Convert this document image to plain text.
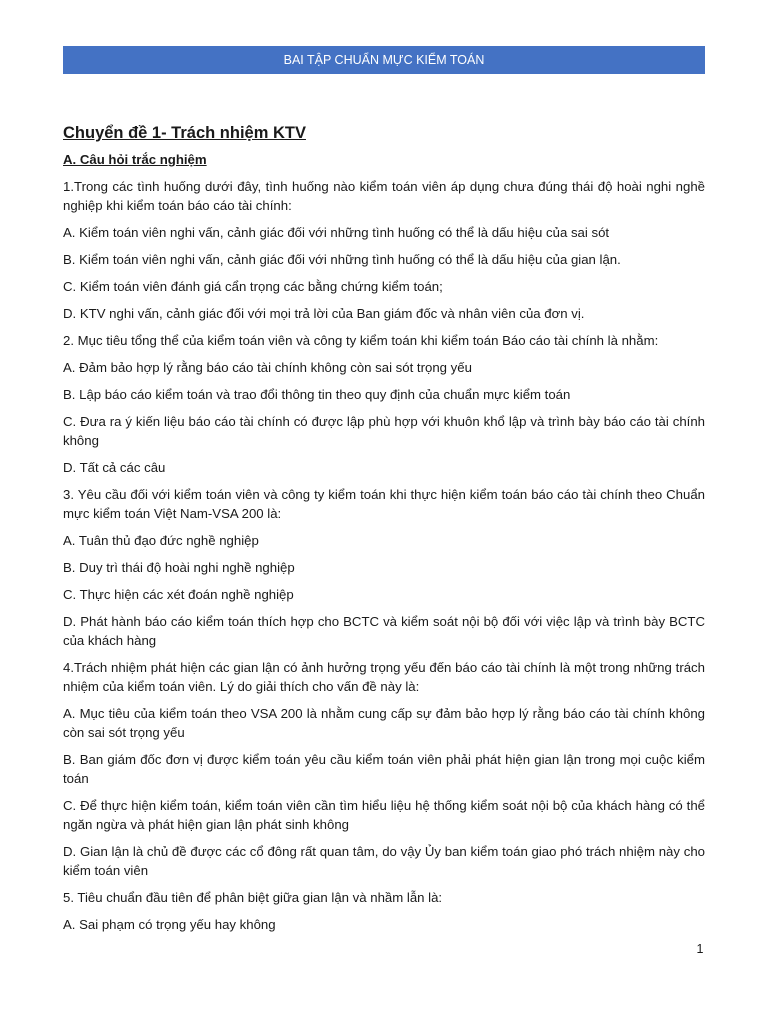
BAI TẬP CHUẨN MỰC KIỂM TOÁN
Chuyển đề 1- Trách nhiệm KTV
A. Câu hỏi trắc nghiệm

1.Trong các tình huống dưới đây, tình huống nào kiểm toán viên áp dụng chưa đúng thái độ hoài nghi nghề nghiệp khi kiểm toán báo cáo tài chính:

A. Kiểm toán viên nghi vấn, cảnh giác đối với những tình huống có thể là dấu hiệu của sai sót

B. Kiểm toán viên nghi vấn, cảnh giác đối với những tình huống có thể là dấu hiệu của gian lận.

C. Kiểm toán viên đánh giá cẩn trọng các bằng chứng kiểm toán;

D. KTV nghi vấn, cảnh giác đối với mọi trả lời của Ban giám đốc và nhân viên của đơn vị.

2. Mục tiêu tổng thể của kiểm toán viên và công ty kiểm toán khi kiểm toán Báo cáo tài chính là nhằm:

A. Đảm bảo hợp lý rằng báo cáo tài chính không còn sai sót trọng yếu

B. Lập báo cáo kiểm toán và trao đổi thông tin theo quy định của chuẩn mực kiểm toán

C. Đưa ra ý kiến liệu báo cáo tài chính có được lập phù hợp với khuôn khổ lập và trình bày báo cáo tài chính không

D. Tất cả các câu

3. Yêu cầu đối với kiểm toán viên và công ty kiểm toán khi thực hiện kiểm toán báo cáo tài chính theo Chuẩn mực kiểm toán Việt Nam-VSA 200 là:

A. Tuân thủ đạo đức nghề nghiệp

B. Duy trì thái độ hoài nghi nghề nghiệp

C. Thực hiện các xét đoán nghề nghiệp

D. Phát hành báo cáo kiểm toán thích hợp cho BCTC và kiểm soát nội bộ đối với việc lập và trình bày BCTC của khách hàng

4.Trách nhiệm phát hiện các gian lận có ảnh hưởng trọng yếu đến báo cáo tài chính là một trong những trách nhiệm của kiểm toán viên. Lý do giải thích cho vấn đề này là:

A. Mục tiêu của kiểm toán theo VSA 200 là nhằm cung cấp sự đảm bảo hợp lý rằng báo cáo tài chính không còn sai sót trọng yếu

B. Ban giám đốc đơn vị được kiểm toán yêu cầu kiểm toán viên phải phát hiện gian lận trong mọi cuộc kiểm toán

C. Để thực hiện kiểm toán, kiểm toán viên cần tìm hiểu liệu hệ thống kiểm soát nội bộ của khách hàng có thể ngăn ngừa và phát hiện gian lận phát sinh không

D. Gian lận là chủ đề được các cổ đông rất quan tâm, do vậy Ủy ban kiểm toán giao phó trách nhiệm này cho kiểm toán viên

5. Tiêu chuẩn đầu tiên để phân biệt giữa gian lận và nhầm lẫn là:

A. Sai phạm có trọng yếu hay không

1
